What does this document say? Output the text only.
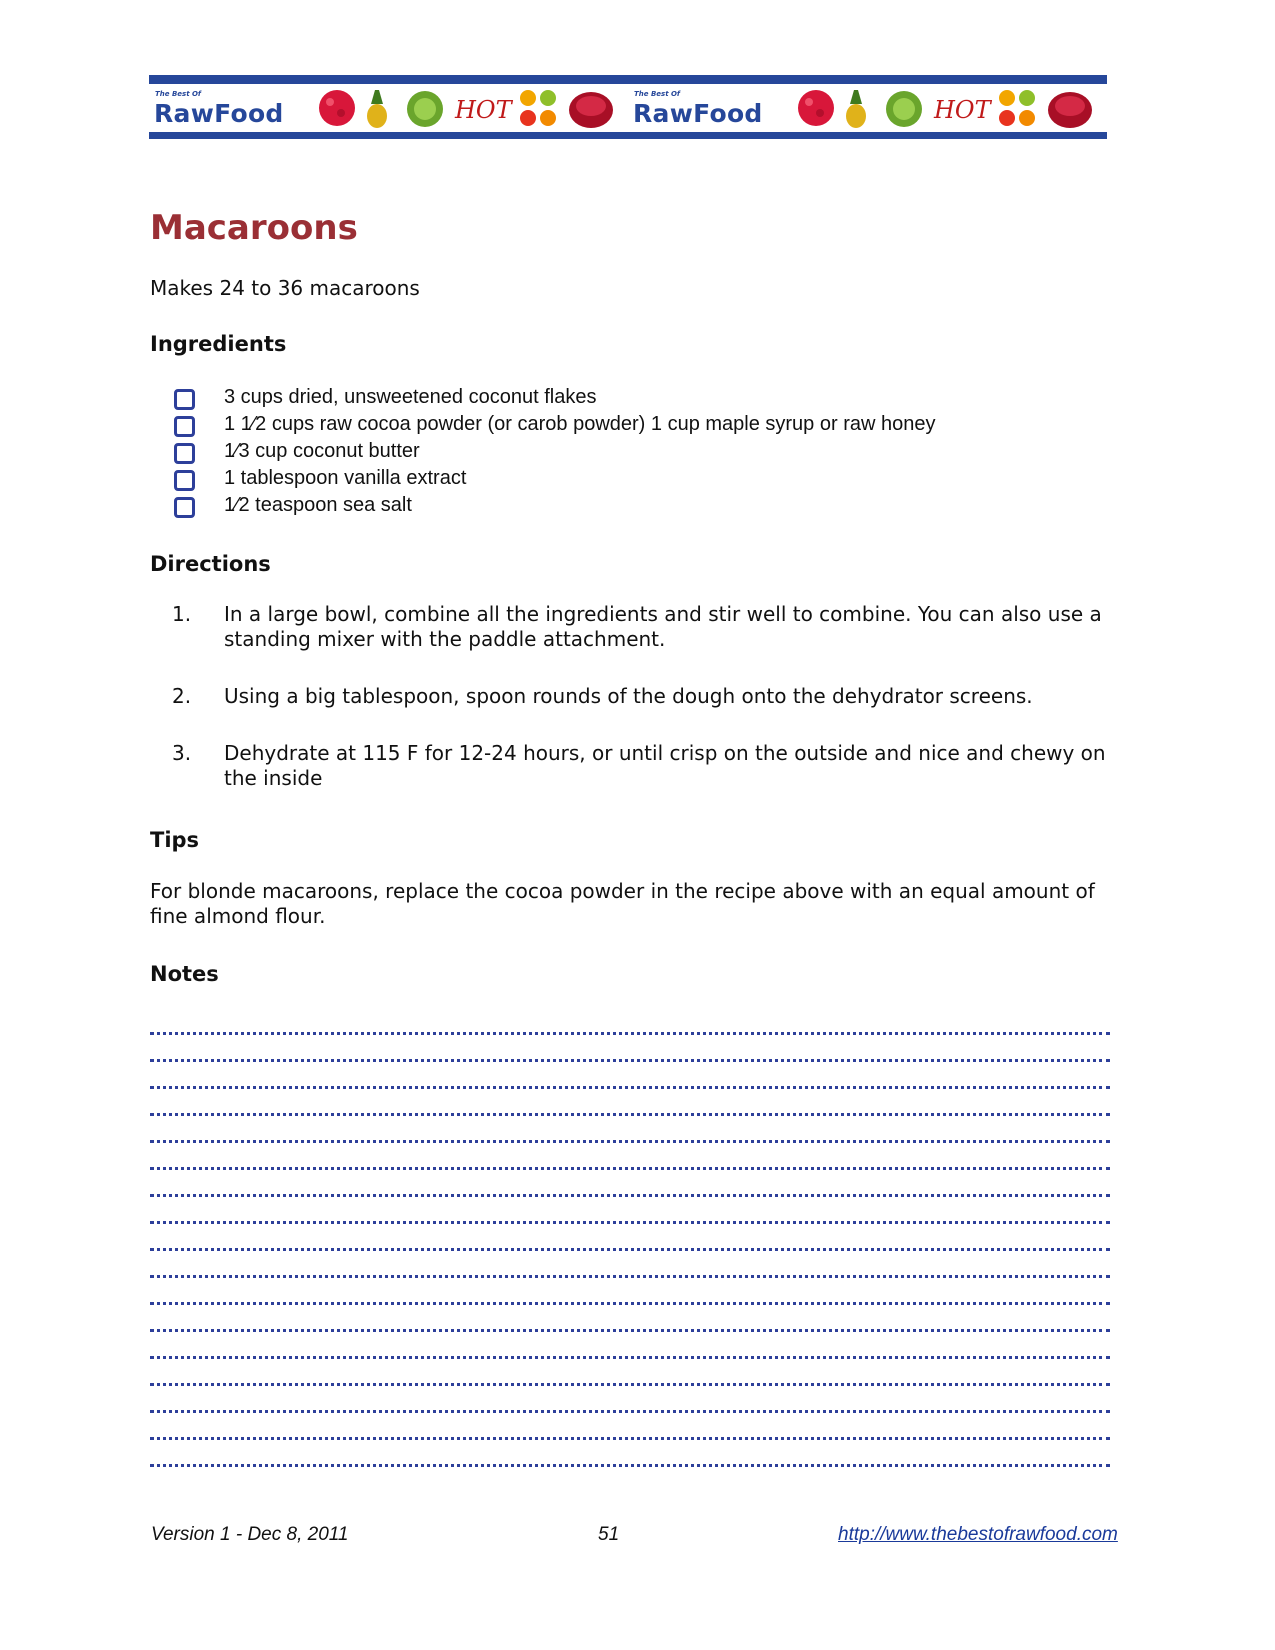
The Best Of
RawFood	HOT
The Best Of
RawFood	HOT
Macaroons
Makes 24 to 36 macaroons
Ingredients
3 cups dried, unsweetened coconut flakes
1 1⁄2 cups raw cocoa powder (or carob powder) 1 cup maple syrup or raw honey
1⁄3 cup coconut butter
1 tablespoon vanilla extract
1⁄2 teaspoon sea salt
Directions
1. In a large bowl, combine all the ingredients and stir well to combine. You can also use a standing mixer with the paddle attachment.
2. Using a big tablespoon, spoon rounds of the dough onto the dehydrator screens.
3. Dehydrate at 115 F for 12-24 hours, or until crisp on the outside and nice and chewy on the inside
Tips
For blonde macaroons, replace the cocoa powder in the recipe above with an equal amount of fine almond flour.
Notes
Version 1 - Dec 8, 2011	51	http://www.thebestofrawfood.com
